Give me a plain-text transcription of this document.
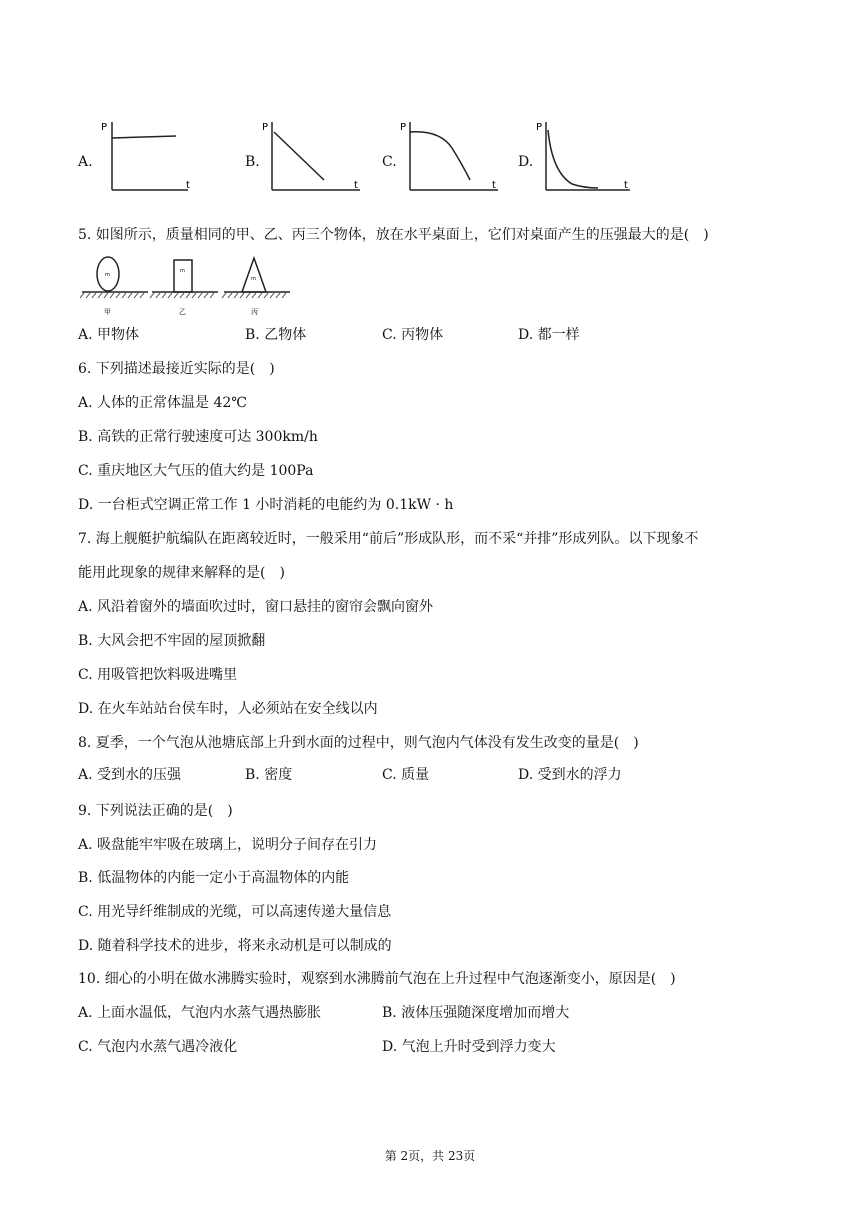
A.
P
t
B.
P
t
C.
P
t
D.
P
t
5. 如图所示，质量相同的甲、乙、丙三个物体，放在水平桌面上，它们对桌面产生的压强最大的是( )
m
甲
m
乙
m
丙
A. 甲物体	B. 乙物体	C. 丙物体	D. 都一样
6. 下列描述最接近实际的是( )
A. 人体的正常体温是 42℃
B. 高铁的正常行驶速度可达 300km/h
C. 重庆地区大气压的值大约是 100Pa
D. 一台柜式空调正常工作 1 小时消耗的电能约为 0.1kW · h
7. 海上舰艇护航编队在距离较近时，一般采用“前后”形成队形，而不采“并排”形成列队。以下现象不
能用此现象的规律来解释的是( )
A. 风沿着窗外的墙面吹过时，窗口悬挂的窗帘会飘向窗外
B. 大风会把不牢固的屋顶掀翻
C. 用吸管把饮料吸进嘴里
D. 在火车站站台侯车时，人必须站在安全线以内
8. 夏季，一个气泡从池塘底部上升到水面的过程中，则气泡内气体没有发生改变的量是( )
A. 受到水的压强	B. 密度	C. 质量	D. 受到水的浮力
9. 下列说法正确的是( )
A. 吸盘能牢牢吸在玻璃上，说明分子间存在引力
B. 低温物体的内能一定小于高温物体的内能
C. 用光导纤维制成的光缆，可以高速传递大量信息
D. 随着科学技术的进步，将来永动机是可以制成的
10. 细心的小明在做水沸腾实验时，观察到水沸腾前气泡在上升过程中气泡逐渐变小，原因是( )
A. 上面水温低，气泡内水蒸气遇热膨胀	B. 液体压强随深度增加而增大
C. 气泡内水蒸气遇冷液化	D. 气泡上升时受到浮力变大
第 2页，共 23页
